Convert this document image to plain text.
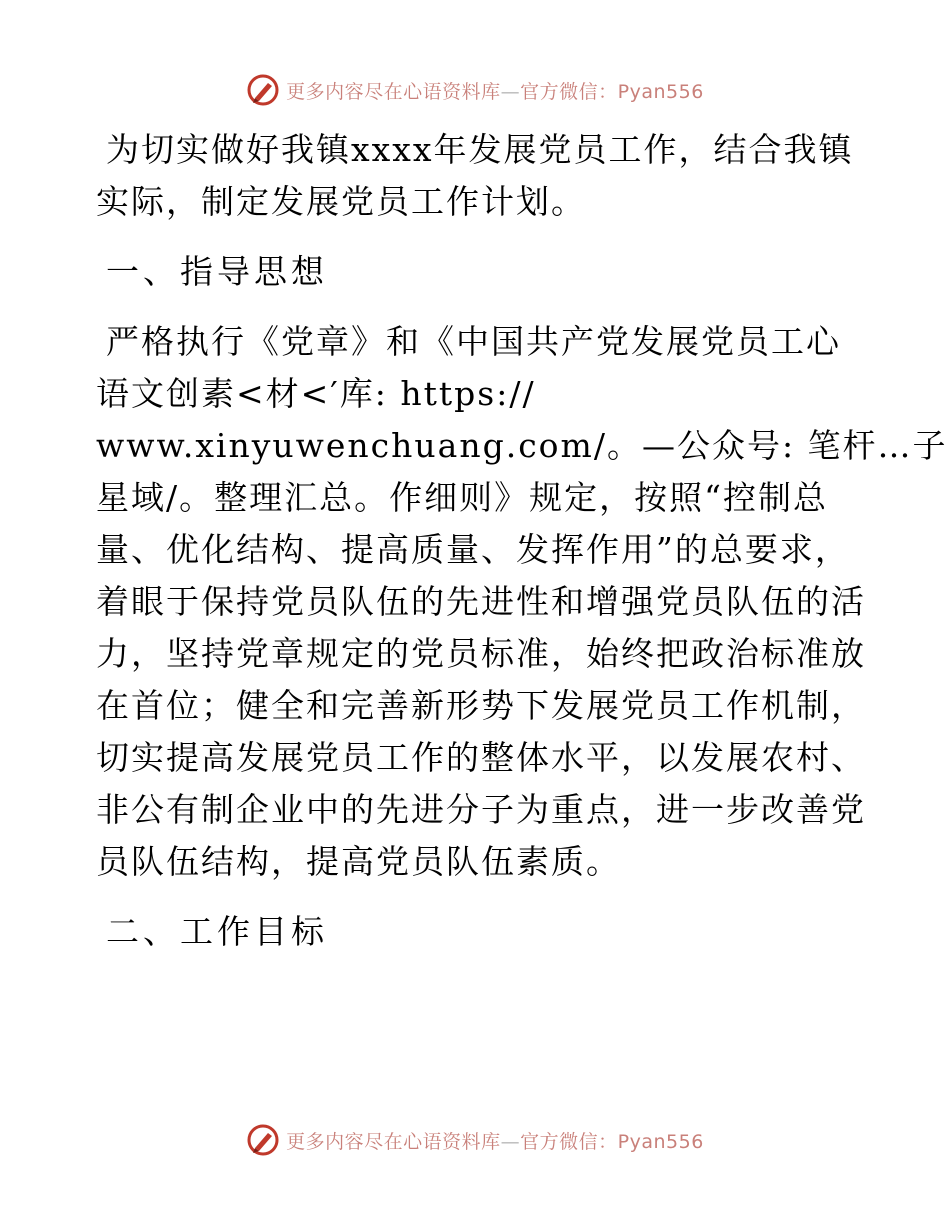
更多内容尽在心语资料库—官方微信：Pyan556

为切实做好我镇xxxx年发展党员工作，结合我镇
实际，制定发展党员工作计划。

一、指导思想

严格执行《党章》和《中国共产党发展党员工心
语文创素<材<′库: https://
www.xinyuwenchuang.com/。—公众号: 笔杆…子
星域/。整理汇总。作细则》规定，按照“控制总
量、优化结构、提高质量、发挥作用”的总要求，
着眼于保持党员队伍的先进性和增强党员队伍的活
力，坚持党章规定的党员标准，始终把政治标准放
在首位；健全和完善新形势下发展党员工作机制，
切实提高发展党员工作的整体水平，以发展农村、
非公有制企业中的先进分子为重点，进一步改善党
员队伍结构，提高党员队伍素质。

二、工作目标

更多内容尽在心语资料库—官方微信：Pyan556
